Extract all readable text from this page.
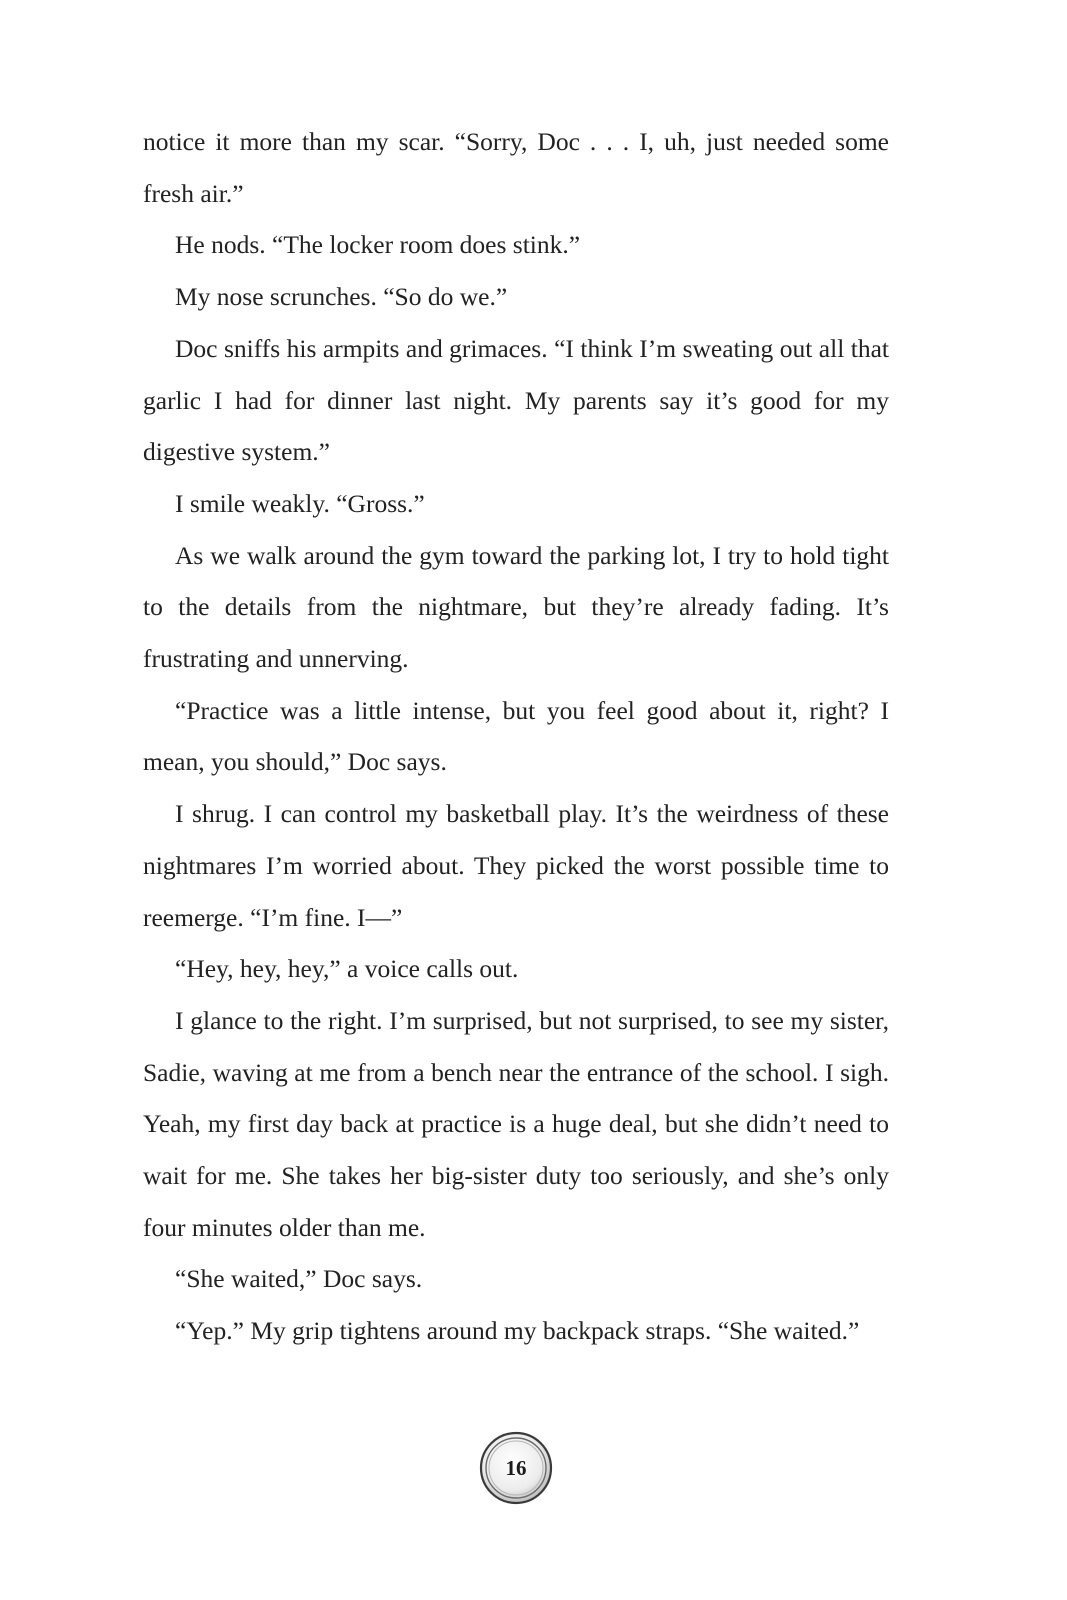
notice it more than my scar. “Sorry, Doc . . . I, uh, just needed some fresh air.”

He nods. “The locker room does stink.”

My nose scrunches. “So do we.”

Doc sniffs his armpits and grimaces. “I think I’m sweating out all that garlic I had for dinner last night. My parents say it’s good for my digestive system.”

I smile weakly. “Gross.”

As we walk around the gym toward the parking lot, I try to hold tight to the details from the nightmare, but they’re already fading. It’s frustrating and unnerving.

“Practice was a little intense, but you feel good about it, right? I mean, you should,” Doc says.

I shrug. I can control my basketball play. It’s the weirdness of these nightmares I’m worried about. They picked the worst possible time to reemerge. “I’m fine. I—”

“Hey, hey, hey,” a voice calls out.

I glance to the right. I’m surprised, but not surprised, to see my sister, Sadie, waving at me from a bench near the entrance of the school. I sigh. Yeah, my first day back at practice is a huge deal, but she didn’t need to wait for me. She takes her big-sister duty too seriously, and she’s only four minutes older than me.

“She waited,” Doc says.

“Yep.” My grip tightens around my backpack straps. “She waited.”

16
